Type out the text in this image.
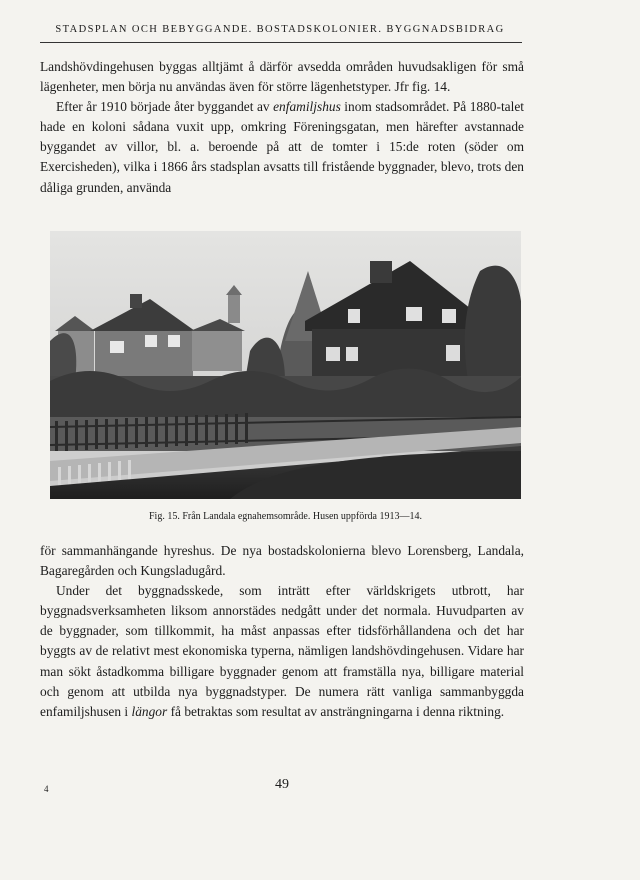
STADSPLAN OCH BEBYGGANDE. BOSTADSKOLONIER. BYGGNADSBIDRAG

Landshövdingehusen byggas alltjämt å därför avsedda områden huvudsakligen för små lägenheter, men börja nu användas även för större lägenhetstyper. Jfr fig. 14.

Efter år 1910 började åter byggandet av enfamiljshus inom stadsområdet. På 1880-talet hade en koloni sådana vuxit upp, omkring Föreningsgatan, men härefter avstannade byggandet av villor, bl. a. beroende på att de tomter i 15:de roten (söder om Exercisheden), vilka i 1866 års stadsplan avsatts till fristående byggnader, blevo, trots den dåliga grunden, använda

Fig. 15. Från Landala egnahemsområde. Husen uppförda 1913—14.

för sammanhängande hyreshus. De nya bostadskolonierna blevo Lorensberg, Landala, Bagaregården och Kungsladugård.

Under det byggnadsskede, som inträtt efter världskrigets utbrott, har byggnadsverksamheten liksom annorstädes nedgått under det normala. Huvudparten av de byggnader, som tillkommit, ha måst anpassas efter tidsförhållandena och det har byggts av de relativt mest ekonomiska typerna, nämligen landshövdingehusen. Vidare har man sökt åstadkomma billigare byggnader genom att framställa nya, billigare material och genom att utbilda nya byggnadstyper. De numera rätt vanliga sammanbyggda enfamiljshusen i längor få betraktas som resultat av ansträngningarna i denna riktning.

4	49
